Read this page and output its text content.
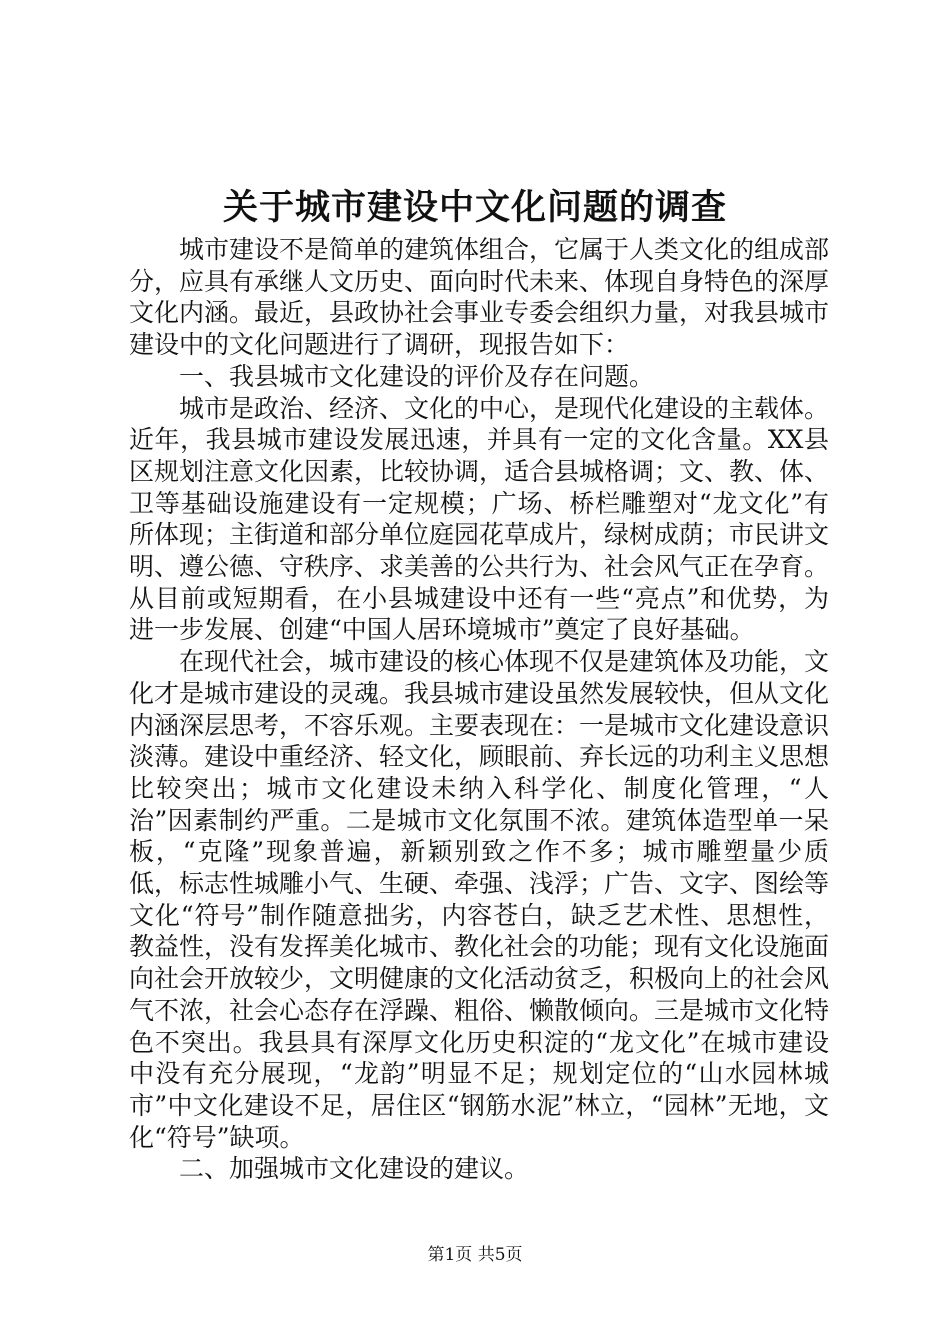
关于城市建设中文化问题的调查

城市建设不是简单的建筑体组合，它属于人类文化的组成部分，应具有承继人文历史、面向时代未来、体现自身特色的深厚文化内涵。最近，县政协社会事业专委会组织力量，对我县城市建设中的文化问题进行了调研，现报告如下：

一、我县城市文化建设的评价及存在问题。

城市是政治、经济、文化的中心，是现代化建设的主载体。近年，我县城市建设发展迅速，并具有一定的文化含量。XX县区规划注意文化因素，比较协调，适合县城格调；文、教、体、卫等基础设施建设有一定规模；广场、桥栏雕塑对“龙文化”有所体现；主街道和部分单位庭园花草成片，绿树成荫；市民讲文明、遵公德、守秩序、求美善的公共行为、社会风气正在孕育。从目前或短期看，在小县城建设中还有一些“亮点”和优势，为进一步发展、创建“中国人居环境城市”奠定了良好基础。

在现代社会，城市建设的核心体现不仅是建筑体及功能，文化才是城市建设的灵魂。我县城市建设虽然发展较快，但从文化内涵深层思考，不容乐观。主要表现在：一是城市文化建设意识淡薄。建设中重经济、轻文化，顾眼前、弃长远的功利主义思想比较突出；城市文化建设未纳入科学化、制度化管理，“人治”因素制约严重。二是城市文化氛围不浓。建筑体造型单一呆板，“克隆”现象普遍，新颖别致之作不多；城市雕塑量少质低，标志性城雕小气、生硬、牵强、浅浮；广告、文字、图绘等文化“符号”制作随意拙劣，内容苍白，缺乏艺术性、思想性，教益性，没有发挥美化城市、教化社会的功能；现有文化设施面向社会开放较少，文明健康的文化活动贫乏，积极向上的社会风气不浓，社会心态存在浮躁、粗俗、懒散倾向。三是城市文化特色不突出。我县具有深厚文化历史积淀的“龙文化”在城市建设中没有充分展现，“龙韵”明显不足；规划定位的“山水园林城市”中文化建设不足，居住区“钢筋水泥”林立，“园林”无地，文化“符号”缺项。

二、加强城市文化建设的建议。

第1页 共5页
